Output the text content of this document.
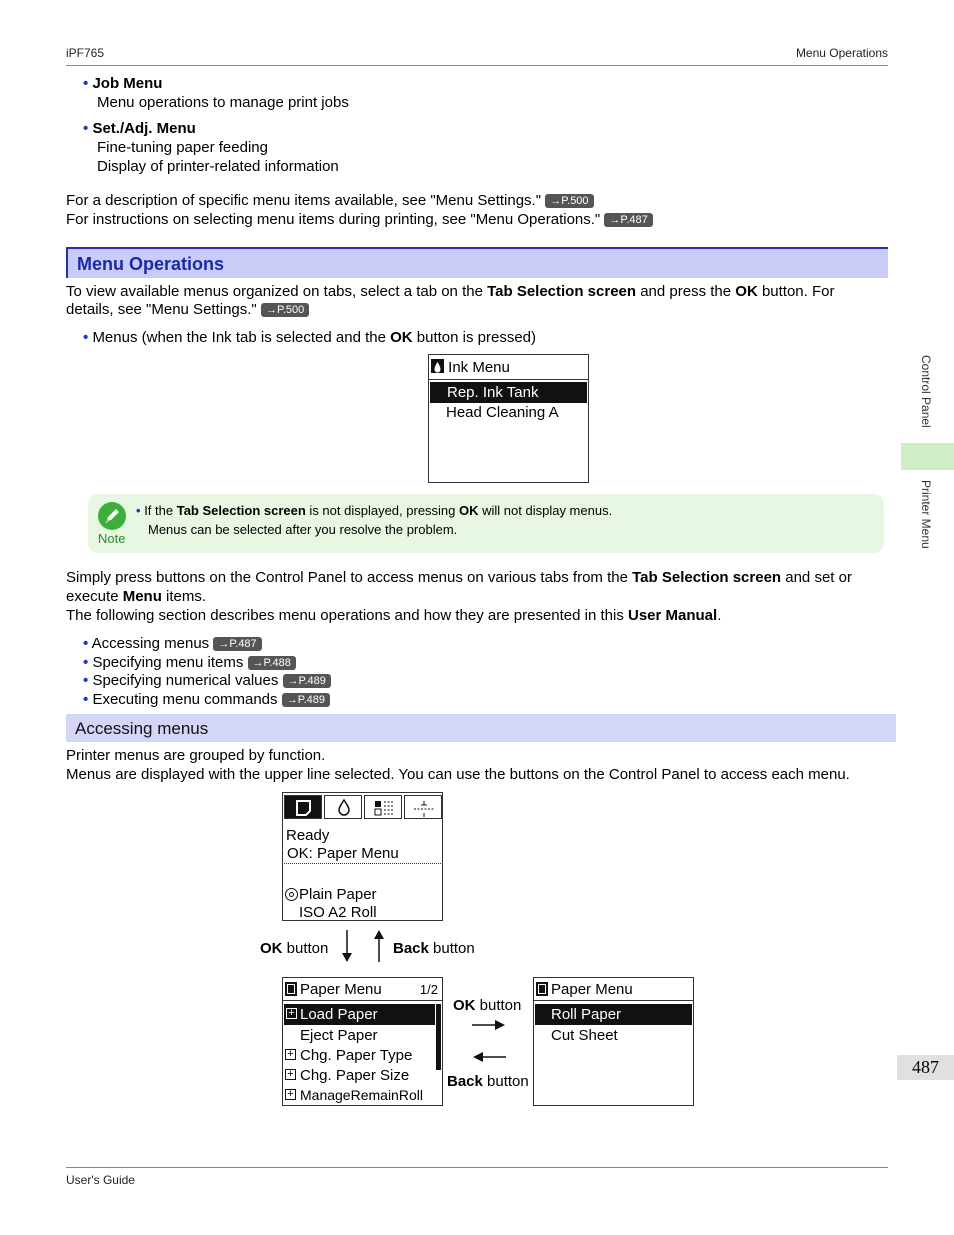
iPF765	Menu Operations
• Job Menu
Menu operations to manage print jobs
• Set./Adj. Menu
Fine-tuning paper feeding
Display of printer-related information
For a description of specific menu items available, see "Menu Settings." →P.500
For instructions on selecting menu items during printing, see "Menu Operations." →P.487
Menu Operations
To view available menus organized on tabs, select a tab on the Tab Selection screen and press the OK button. For
details, see "Menu Settings." →P.500
• Menus (when the Ink tab is selected and the OK button is pressed)
Ink Menu
Rep. Ink Tank
Head Cleaning A
Note
• If the Tab Selection screen is not displayed, pressing OK will not display menus.
Menus can be selected after you resolve the problem.
Simply press buttons on the Control Panel to access menus on various tabs from the Tab Selection screen and set or
execute Menu items.
The following section describes menu operations and how they are presented in this User Manual.
• Accessing menus →P.487
• Specifying menu items →P.488
• Specifying numerical values →P.489
• Executing menu commands →P.489
Accessing menus
Printer menus are grouped by function.
Menus are displayed with the upper line selected. You can use the buttons on the Control Panel to access each menu.
Ready
OK: Paper Menu
Plain Paper
ISO A2 Roll
OK button	Back button
Paper Menu	1/2
+ Load Paper
Eject Paper
+ Chg. Paper Type
+ Chg. Paper Size
+ ManageRemainRoll
OK button
Back button
Paper Menu
Roll Paper
Cut Sheet
Control Panel
Printer Menu
487
User's Guide
